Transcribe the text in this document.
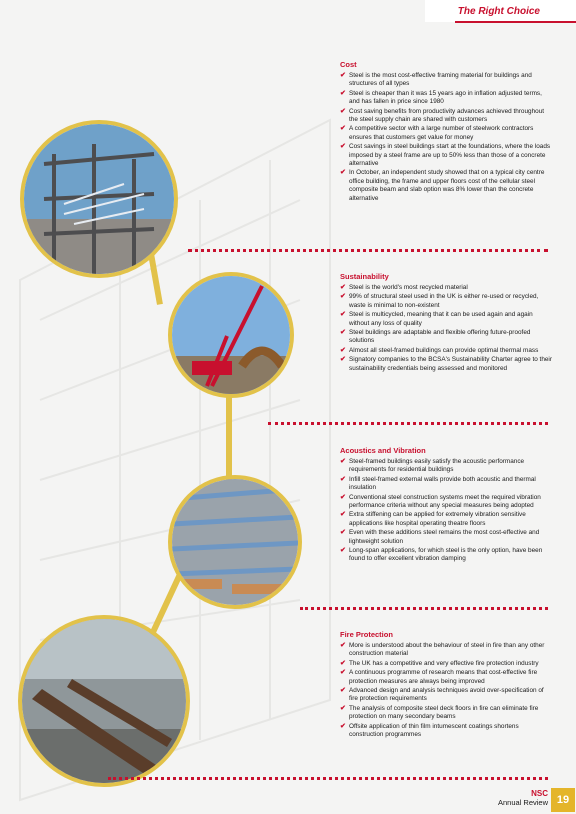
The Right Choice
Cost
✔ Steel is the most cost-effective framing material for buildings and structures of all types
✔ Steel is cheaper than it was 15 years ago in inflation adjusted terms, and has fallen in price since 1980
✔ Cost saving benefits from productivity advances achieved throughout the steel supply chain are shared with customers
✔ A competitive sector with a large number of steelwork contractors ensures that customers get value for money
✔ Cost savings in steel buildings start at the foundations, where the loads imposed by a steel frame are up to 50% less than those of a concrete alternative
✔ In October, an independent study showed that on a typical city centre office building, the frame and upper floors cost of the cellular steel composite beam and slab option was 8% lower than the concrete alternative
Sustainability
✔ Steel is the world's most recycled material
✔ 99% of structural steel used in the UK is either re-used or recycled, waste is minimal to non-existent
✔ Steel is multicycled, meaning that it can be used again and again without any loss of quality
✔ Steel buildings are adaptable and flexible offering future-proofed solutions
✔ Almost all steel-framed buildings can provide optimal thermal mass
✔ Signatory companies to the BCSA's Sustainability Charter agree to their sustainability credentials being assessed and monitored
Acoustics and Vibration
✔ Steel-framed buildings easily satisfy the acoustic performance requirements for residential buildings
✔ Infill steel-framed external walls provide both acoustic and thermal insulation
✔ Conventional steel construction systems meet the required vibration performance criteria without any special measures being adopted
✔ Extra stiffening can be applied for extremely vibration sensitive applications like hospital operating theatre floors
✔ Even with these additions steel remains the most cost-effective and lightweight solution
✔ Long-span applications, for which steel is the only option, have been found to offer excellent vibration damping
Fire Protection
✔ More is understood about the behaviour of steel in fire than any other construction material
✔ The UK has a competitive and very effective fire protection industry
✔ A continuous programme of research means that cost-effective fire protection measures are always being improved
✔ Advanced design and analysis techniques avoid over-specification of fire protection requirements
✔ The analysis of composite steel deck floors in fire can eliminate fire protection on many secondary beams
✔ Offsite application of thin film intumescent coatings shortens construction programmes
NSC
Annual Review 19
